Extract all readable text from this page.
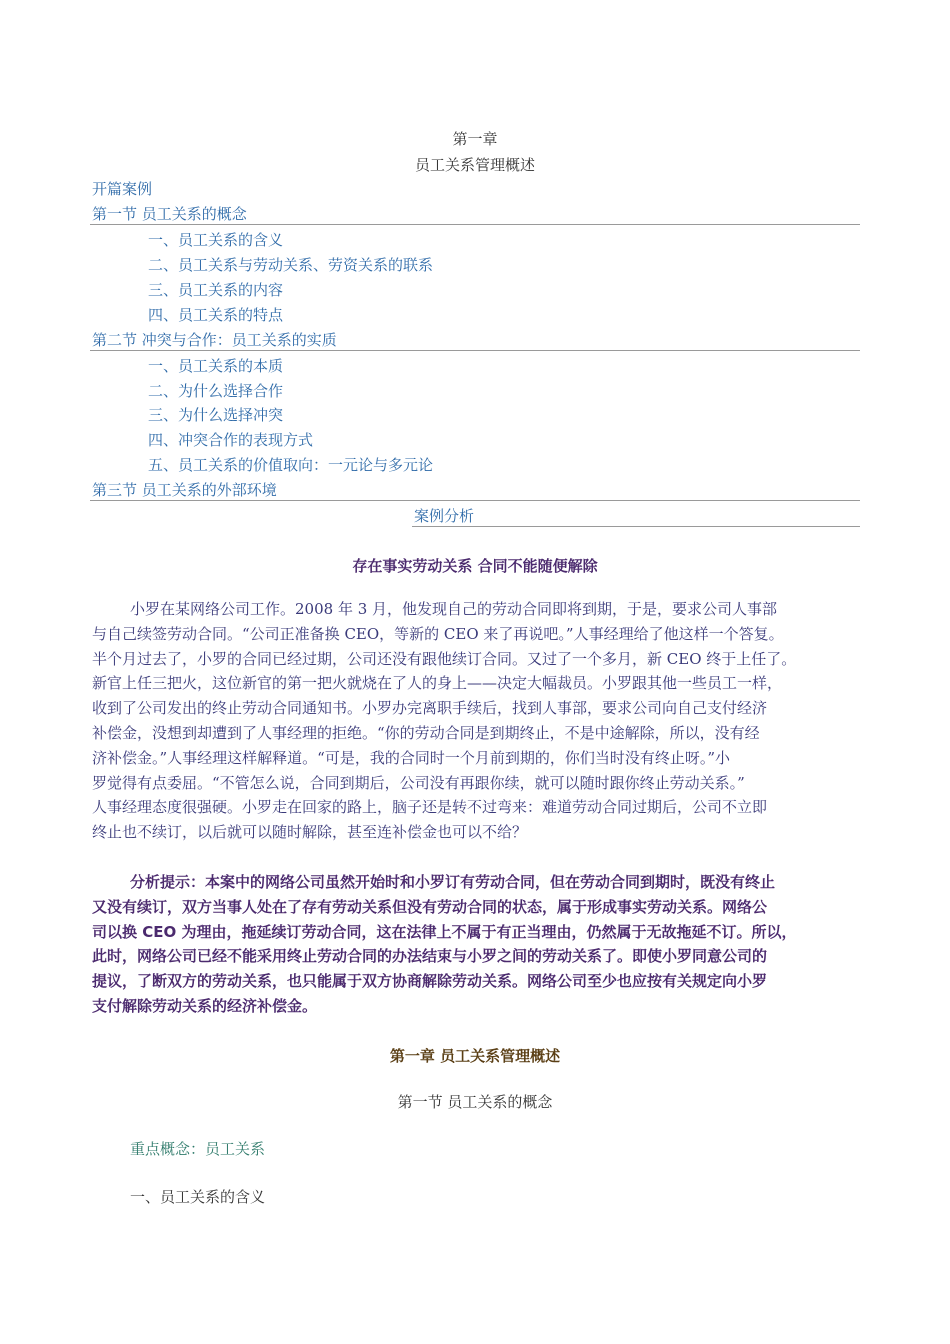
第一章
员工关系管理概述
开篇案例
第一节 员工关系的概念
一、员工关系的含义
二、员工关系与劳动关系、劳资关系的联系
三、员工关系的内容
四、员工关系的特点
第二节 冲突与合作：员工关系的实质
一、员工关系的本质
二、为什么选择合作
三、为什么选择冲突
四、冲突合作的表现方式
五、员工关系的价值取向：一元论与多元论
第三节 员工关系的外部环境
案例分析
存在事实劳动关系 合同不能随便解除
小罗在某网络公司工作。2008 年 3 月，他发现自己的劳动合同即将到期，于是，要求公司人事部
与自己续签劳动合同。“公司正准备换 CEO，等新的 CEO 来了再说吧。”人事经理给了他这样一个答复。
半个月过去了，小罗的合同已经过期，公司还没有跟他续订合同。又过了一个多月，新 CEO 终于上任了。
新官上任三把火，这位新官的第一把火就烧在了人的身上——决定大幅裁员。小罗跟其他一些员工一样，
收到了公司发出的终止劳动合同通知书。小罗办完离职手续后，找到人事部，要求公司向自己支付经济
补偿金，没想到却遭到了人事经理的拒绝。“你的劳动合同是到期终止，不是中途解除，所以，没有经
济补偿金。”人事经理这样解释道。“可是，我的合同时一个月前到期的，你们当时没有终止呀。”小
罗觉得有点委屈。“不管怎么说，合同到期后，公司没有再跟你续，就可以随时跟你终止劳动关系。”
人事经理态度很强硬。小罗走在回家的路上，脑子还是转不过弯来：难道劳动合同过期后，公司不立即
终止也不续订，以后就可以随时解除，甚至连补偿金也可以不给？
分析提示：本案中的网络公司虽然开始时和小罗订有劳动合同，但在劳动合同到期时，既没有终止
又没有续订，双方当事人处在了存有劳动关系但没有劳动合同的状态，属于形成事实劳动关系。网络公
司以换 CEO 为理由，拖延续订劳动合同，这在法律上不属于有正当理由，仍然属于无故拖延不订。所以，
此时，网络公司已经不能采用终止劳动合同的办法结束与小罗之间的劳动关系了。即使小罗同意公司的
提议，了断双方的劳动关系，也只能属于双方协商解除劳动关系。网络公司至少也应按有关规定向小罗
支付解除劳动关系的经济补偿金。
第一章 员工关系管理概述
第一节 员工关系的概念
重点概念：员工关系
一、员工关系的含义
